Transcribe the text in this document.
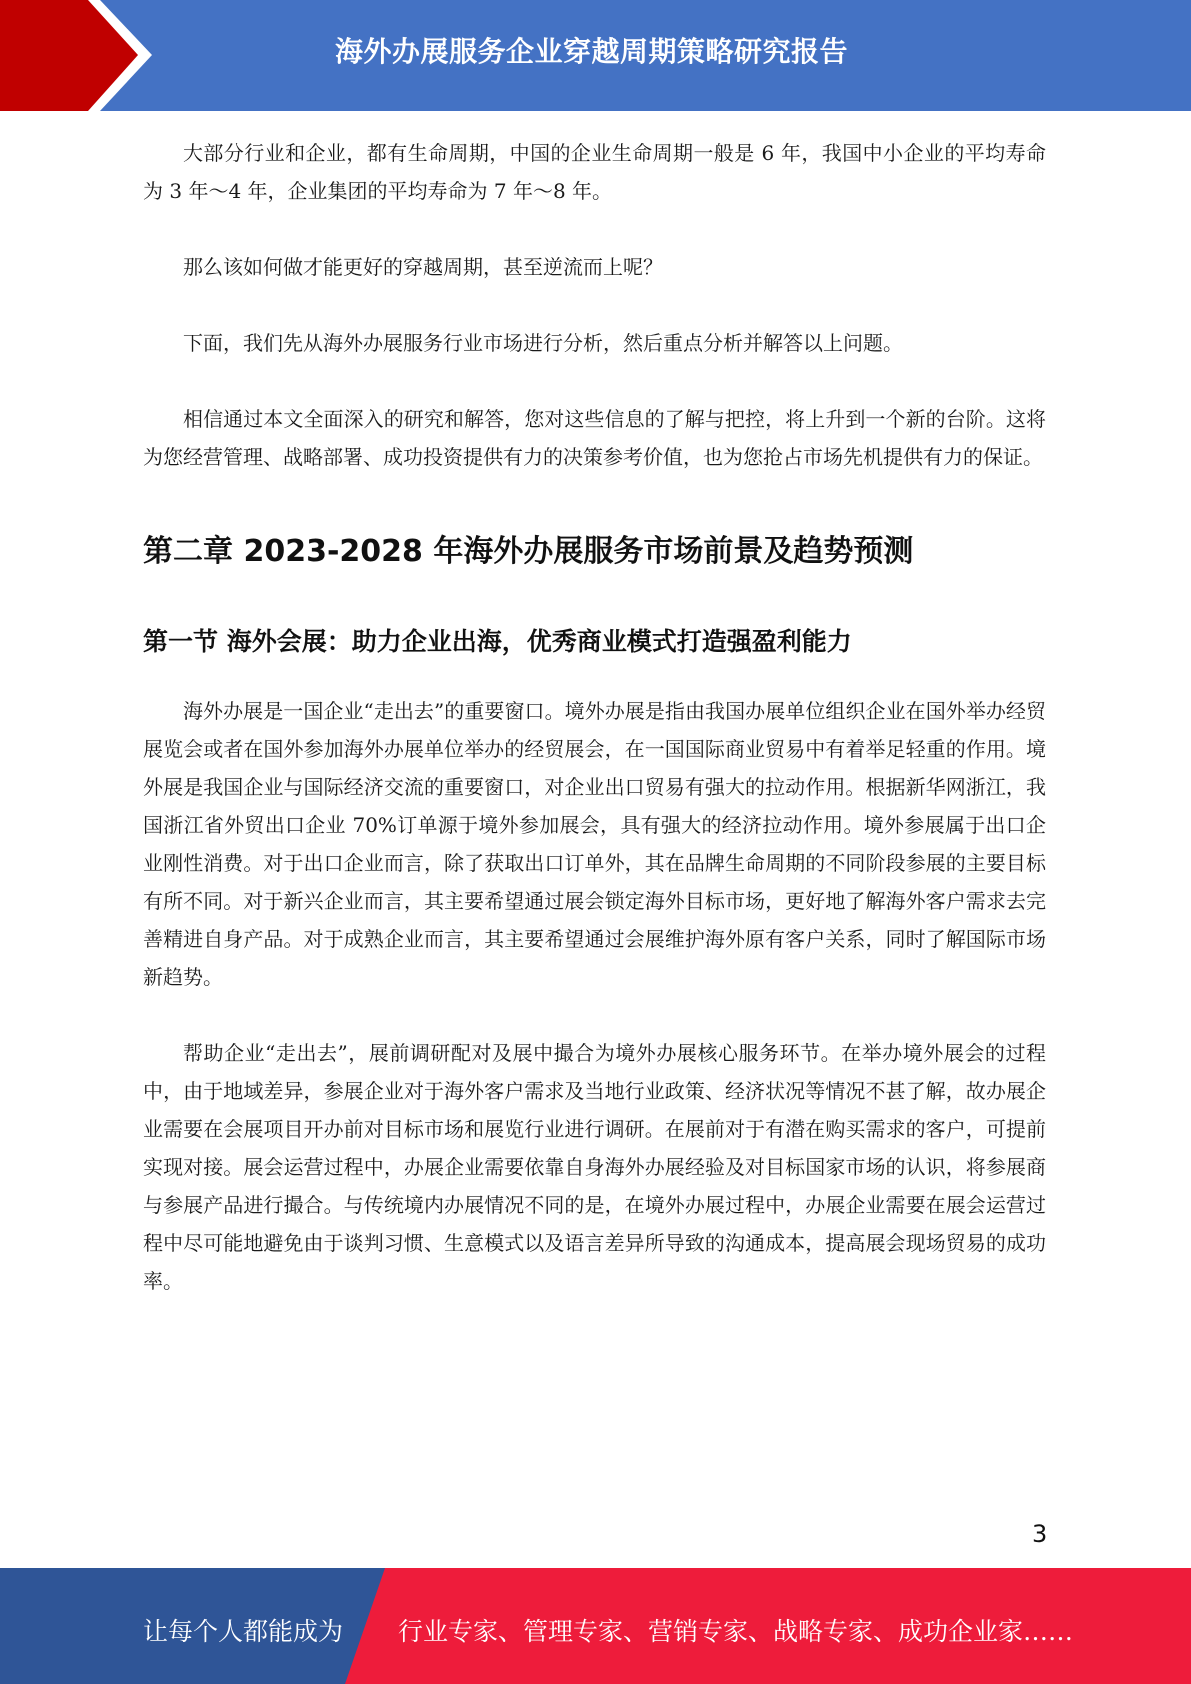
海外办展服务企业穿越周期策略研究报告

大部分行业和企业，都有生命周期，中国的企业生命周期一般是 6 年，我国中小企业的平均寿命为 3 年～4 年，企业集团的平均寿命为 7 年～8 年。

那么该如何做才能更好的穿越周期，甚至逆流而上呢？

下面，我们先从海外办展服务行业市场进行分析，然后重点分析并解答以上问题。

相信通过本文全面深入的研究和解答，您对这些信息的了解与把控，将上升到一个新的台阶。这将为您经营管理、战略部署、成功投资提供有力的决策参考价值，也为您抢占市场先机提供有力的保证。

第二章 2023-2028 年海外办展服务市场前景及趋势预测
第一节 海外会展：助力企业出海，优秀商业模式打造强盈利能力

海外办展是一国企业“走出去”的重要窗口。境外办展是指由我国办展单位组织企业在国外举办经贸展览会或者在国外参加海外办展单位举办的经贸展会，在一国国际商业贸易中有着举足轻重的作用。境外展是我国企业与国际经济交流的重要窗口，对企业出口贸易有强大的拉动作用。根据新华网浙江，我国浙江省外贸出口企业 70%订单源于境外参加展会，具有强大的经济拉动作用。境外参展属于出口企业刚性消费。对于出口企业而言，除了获取出口订单外，其在品牌生命周期的不同阶段参展的主要目标有所不同。对于新兴企业而言，其主要希望通过展会锁定海外目标市场，更好地了解海外客户需求去完善精进自身产品。对于成熟企业而言，其主要希望通过会展维护海外原有客户关系，同时了解国际市场新趋势。

帮助企业“走出去”，展前调研配对及展中撮合为境外办展核心服务环节。在举办境外展会的过程中，由于地域差异，参展企业对于海外客户需求及当地行业政策、经济状况等情况不甚了解，故办展企业需要在会展项目开办前对目标市场和展览行业进行调研。在展前对于有潜在购买需求的客户，可提前实现对接。展会运营过程中，办展企业需要依靠自身海外办展经验及对目标国家市场的认识，将参展商与参展产品进行撮合。与传统境内办展情况不同的是，在境外办展过程中，办展企业需要在展会运营过程中尽可能地避免由于谈判习惯、生意模式以及语言差异所导致的沟通成本，提高展会现场贸易的成功率。

3
让每个人都能成为 行业专家、管理专家、营销专家、战略专家、成功企业家……
